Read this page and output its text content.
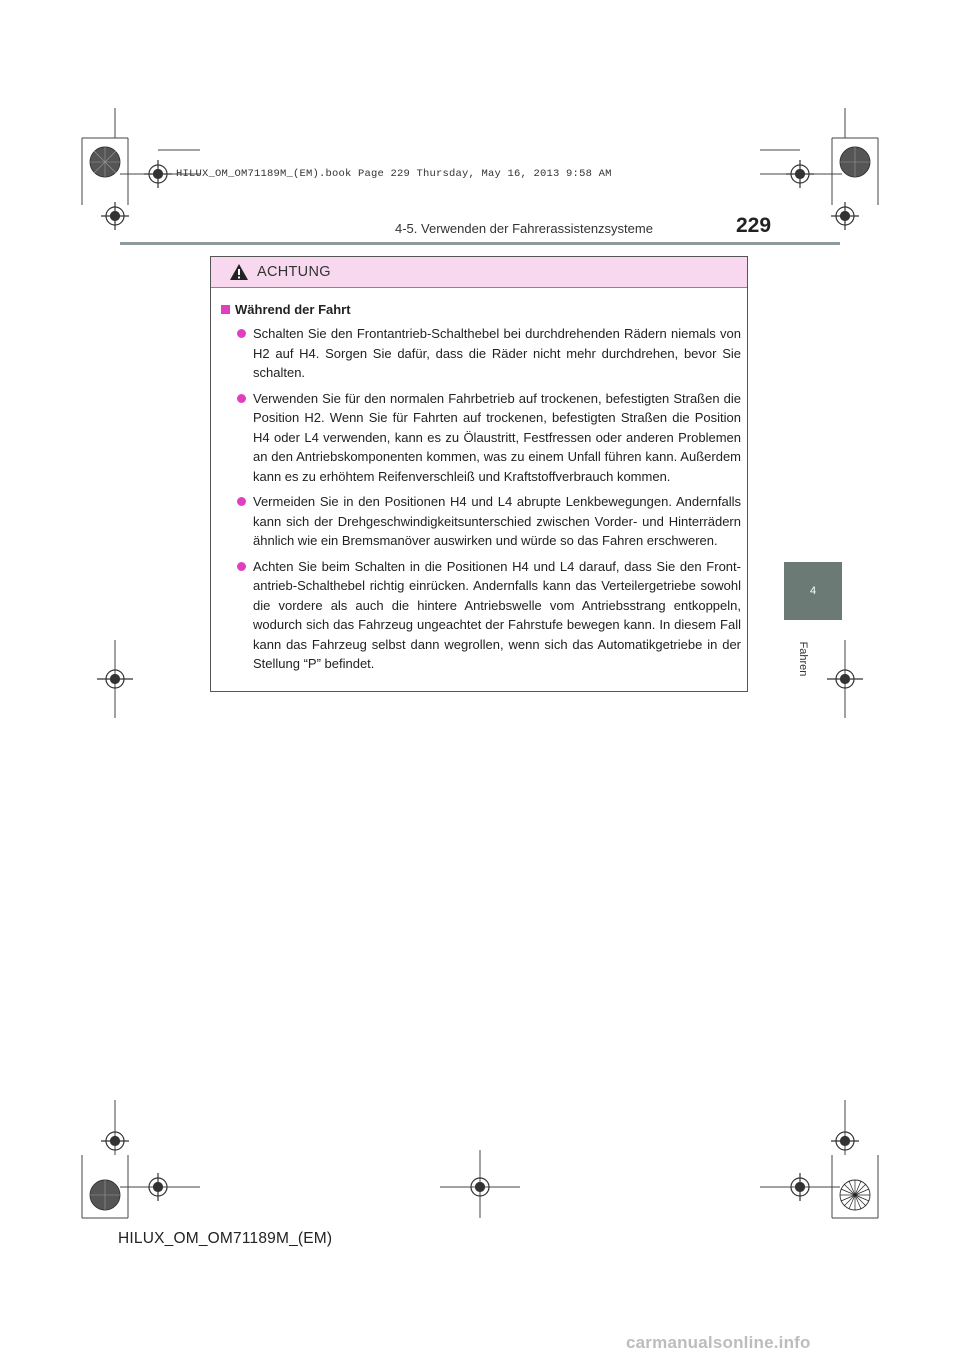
HILUX_OM_OM71189M_(EM).book Page 229 Thursday, May 16, 2013 9:58 AM
4-5. Verwenden der Fahrerassistenzsysteme	229
4
Fahren
ACHTUNG
Während der Fahrt
Schalten Sie den Frontantrieb-Schalthebel bei durchdrehenden Rädern niemals von H2 auf H4. Sorgen Sie dafür, dass die Räder nicht mehr durchdrehen, bevor Sie schalten.
Verwenden Sie für den normalen Fahrbetrieb auf trockenen, befestigten Straßen die Position H2. Wenn Sie für Fahrten auf trockenen, befestigten Straßen die Position H4 oder L4 verwenden, kann es zu Ölaustritt, Festfressen oder anderen Problemen an den Antriebskomponenten kommen, was zu einem Unfall führen kann. Außerdem kann es zu erhöhtem Reifenverschleiß und Kraftstoffverbrauch kommen.
Vermeiden Sie in den Positionen H4 und L4 abrupte Lenkbewegungen. Andernfalls kann sich der Drehgeschwindigkeitsunterschied zwischen Vorder- und Hinterrädern ähnlich wie ein Bremsmanöver auswirken und würde so das Fahren erschweren.
Achten Sie beim Schalten in die Positionen H4 und L4 darauf, dass Sie den Frontantrieb-Schalthebel richtig einrücken. Andernfalls kann das Verteilergetriebe sowohl die vordere als auch die hintere Antriebswelle vom Antriebsstrang entkoppeln, wodurch sich das Fahrzeug ungeachtet der Fahrstufe bewegen kann. In diesem Fall kann das Fahrzeug selbst dann wegrollen, wenn sich das Automatikgetriebe in der Stellung “P” befindet.
HILUX_OM_OM71189M_(EM)
carmanualsonline.info
